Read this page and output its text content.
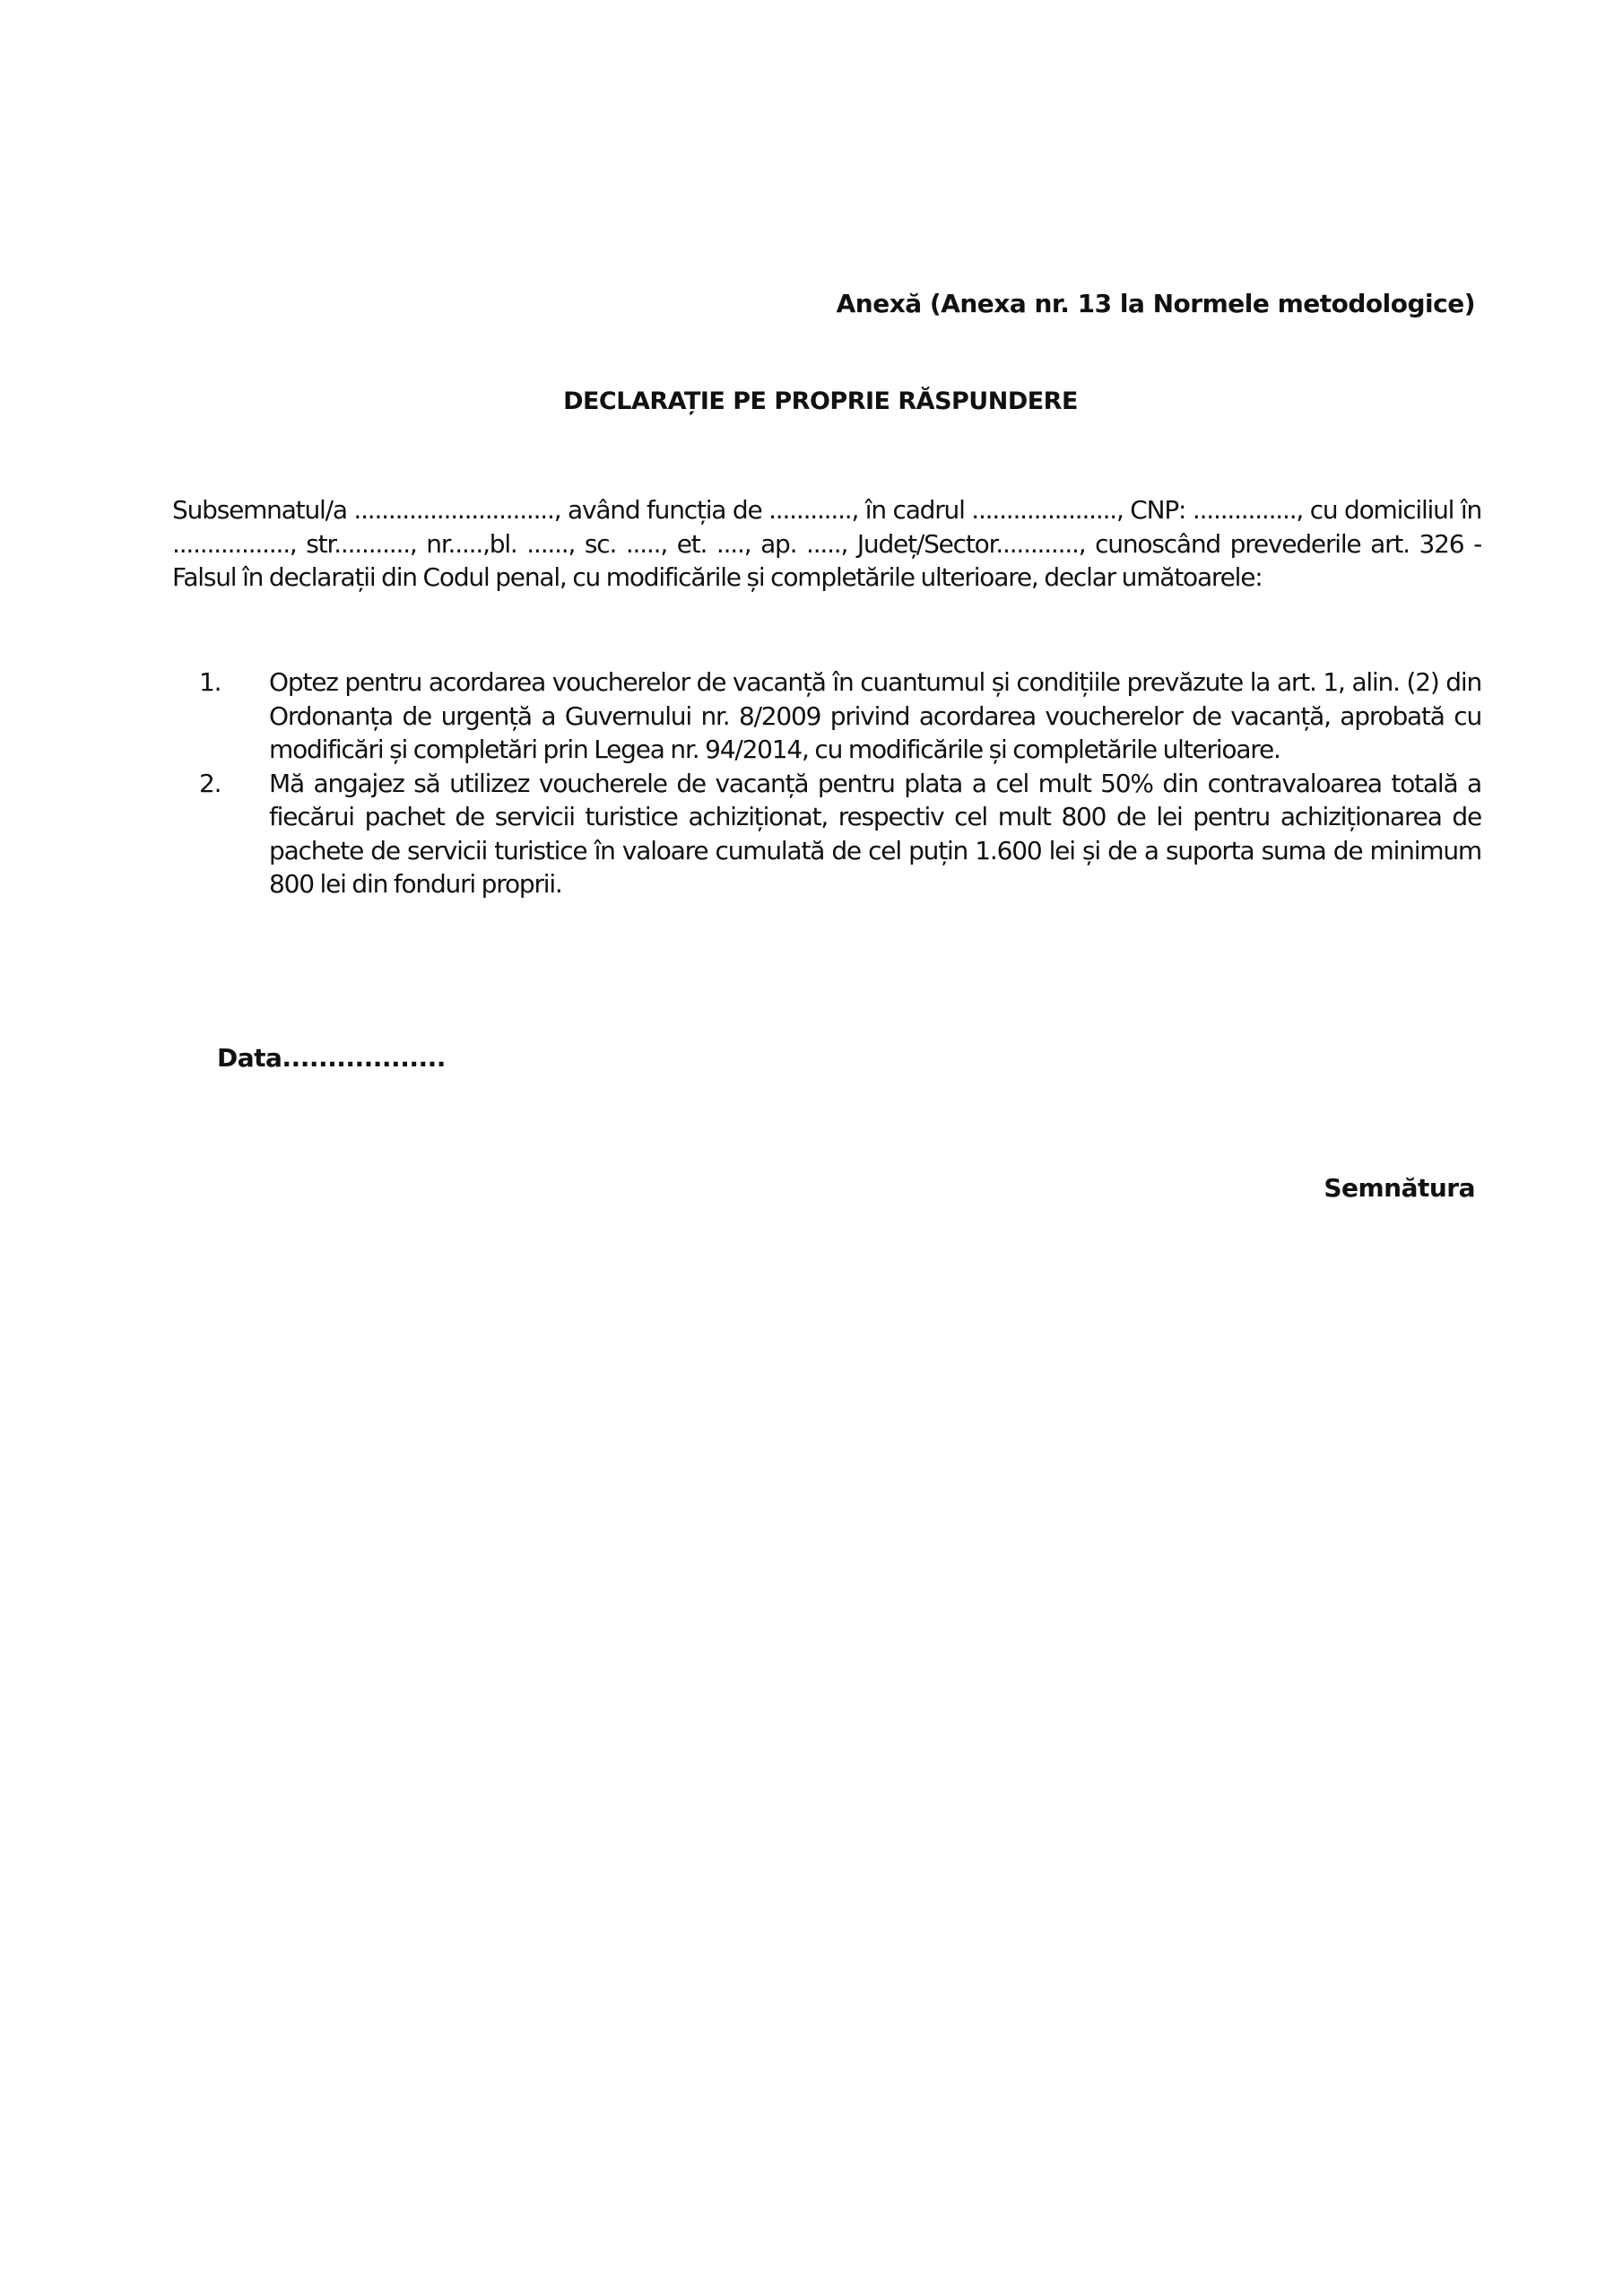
Anexă (Anexa nr. 13 la Normele metodologice)
DECLARAȚIE PE PROPRIE RĂSPUNDERE
Subsemnatul/a ............................., având funcția de ............, în cadrul ....................., CNP: ..............., cu domiciliul în ................., str..........., nr.....,bl. ......, sc. ....., et. ...., ap. ....., Județ/Sector............, cunoscând prevederile art. 326 - Falsul în declarații din Codul penal, cu modificările și completările ulterioare, declar umătoarele:
1.	Optez pentru acordarea voucherelor de vacanță în cuantumul și condițiile prevăzute la art. 1, alin. (2) din Ordonanța de urgență a Guvernului nr. 8/2009 privind acordarea voucherelor de vacanță, aprobată cu modificări și completări prin Legea nr. 94/2014, cu modificările și completările ulterioare.
2.	Mă angajez să utilizez voucherele de vacanță pentru plata a cel mult 50% din contravaloarea totală a fiecărui pachet de servicii turistice achiziționat, respectiv cel mult 800 de lei pentru achiziționarea de pachete de servicii turistice în valoare cumulată de cel puțin 1.600 lei și de a suporta suma de minimum 800 lei din fonduri proprii.
Data..................
Semnătura
